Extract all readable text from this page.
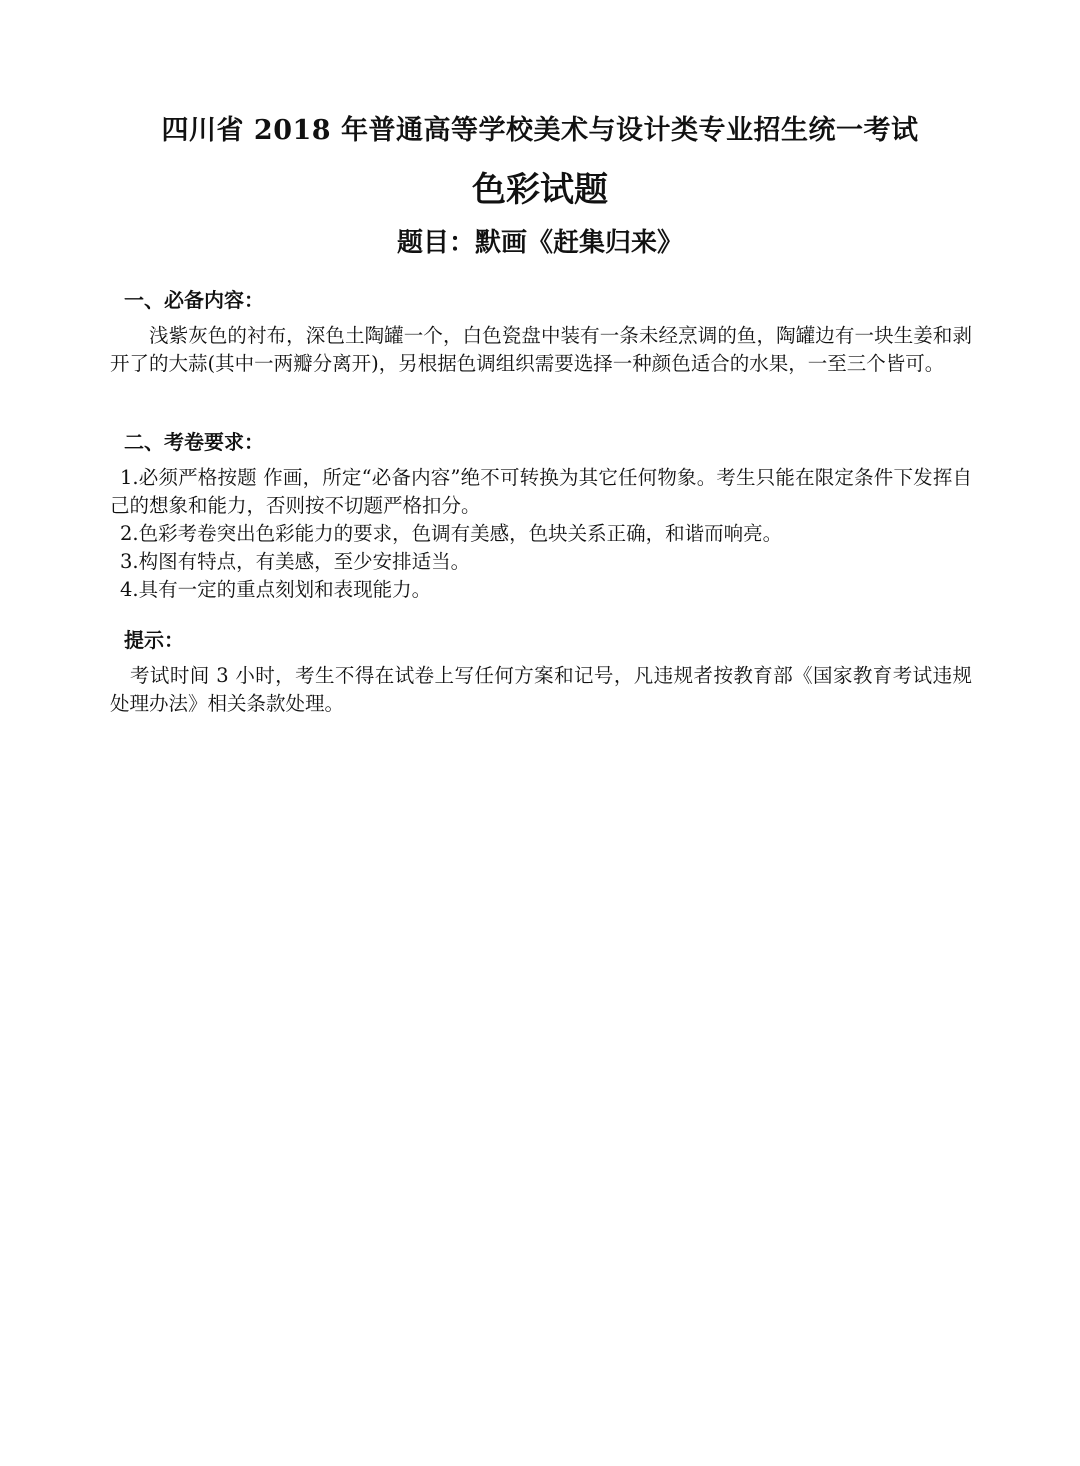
四川省 2018 年普通高等学校美术与设计类专业招生统一考试
色彩试题
题目：默画《赶集归来》
一、必备内容：
浅紫灰色的衬布，深色土陶罐一个，白色瓷盘中装有一条未经烹调的鱼，陶罐边有一块生姜和剥开了的大蒜(其中一两瓣分离开)，另根据色调组织需要选择一种颜色适合的水果，一至三个皆可。
二、考卷要求：
1.必须严格按题 作画，所定“必备内容”绝不可转换为其它任何物象。考生只能在限定条件下发挥自己的想象和能力，否则按不切题严格扣分。
2.色彩考卷突出色彩能力的要求，色调有美感，色块关系正确，和谐而响亮。
3.构图有特点，有美感，至少安排适当。
4.具有一定的重点刻划和表现能力。
提示：
考试时间 3 小时，考生不得在试卷上写任何方案和记号，凡违规者按教育部《国家教育考试违规处理办法》相关条款处理。
